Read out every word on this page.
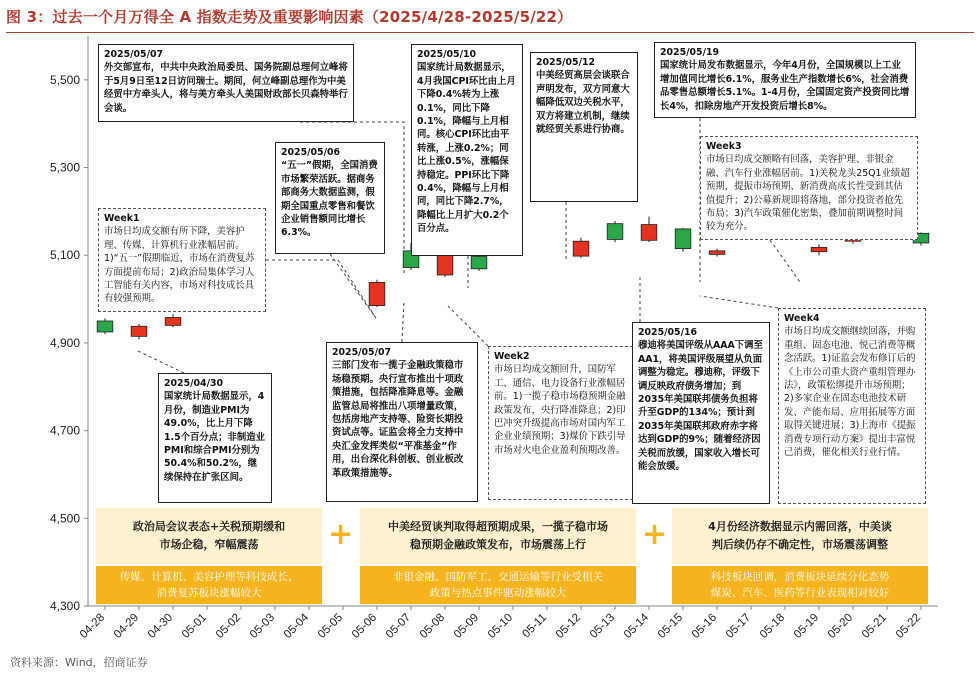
图 3：过去一个月万得全 A 指数走势及重要影响因素（2025/4/28-2025/5/22）
04-28 04-29 04-30 05-01 05-02 05-03 05-04 05-05 05-06 05-07 05-08 05-09 05-10 05-11 05-12 05-13 05-14 05-15 05-16 05-17 05-18 05-19 05-20 05-21 05-22
4,300
4,500
4,700
4,900
5,100
5,300
5,500
2025/05/07
外交部宣布，中共中央政治局委员、国务院副总理何立峰将于5月9日至12日访问瑞士。期间，何立峰副总理作为中美经贸中方牵头人，将与美方牵头人美国财政部长贝森特举行会谈。
Week1
市场日均成交额有所下降，美容护理、传媒、计算机行业涨幅居前。1)“五一”假期临近，市场在消费复苏方面提前布局；2)政治局集体学习人工智能有关内容，市场对科技成长具有较强预期。
2025/04/30
国家统计局数据显示，4月份，制造业PMI为49.0%，比上月下降1.5个百分点；非制造业PMI和综合PMI分别为50.4%和50.2%，继续保持在扩张区间。
2025/05/06
“五一”假期，全国消费市场繁荣活跃。据商务部商务大数据监测，假期全国重点零售和餐饮企业销售额同比增长6.3%。
2025/05/07
三部门发布一揽子金融政策稳市场稳预期。央行宣布推出十项政策措施，包括降准降息等。金融监管总局将推出八项增量政策，包括房地产支持等、险资长期投资试点等。证监会将全力支持中央汇金发挥类似“平准基金”作用，出台深化科创板、创业板改革政策措施等。
2025/05/10
国家统计局数据显示，4月我国CPI环比由上月下降0.4%转为上涨0.1%，同比下降0.1%，降幅与上月相同。核心CPI环比由平转涨，上涨0.2%；同比上涨0.5%，涨幅保持稳定。PPI环比下降0.4%，降幅与上月相同，同比下降2.7%，降幅比上月扩大0.2个百分点。
Week2
市场日均成交额回升，国防军工、通信、电力设备行业涨幅居前。1)一揽子稳市场稳预期金融政策发布，央行降准降息；2)印巴冲突升级提高市场对国内军工企业业绩预期；3)煤价下跌引导市场对火电企业盈利预期改善。
2025/05/12
中美经贸高层会谈联合声明发布，双方同意大幅降低双边关税水平，双方将建立机制，继续就经贸关系进行协商。
2025/05/19
国家统计局发布数据显示，今年4月份，全国规模以上工业增加值同比增长6.1%，服务业生产指数增长6%，社会消费品零售总额增长5.1%。1-4月份，全国固定资产投资同比增长4%，扣除房地产开发投资后增长8%。
Week3
市场日均成交额略有回落，美容护理、非银金融、汽车行业涨幅居前。1)关税龙头25Q1业绩超预期，提振市场预期、新消费高成长性受到其估值提升；2)公募新规即将落地，部分投资者抢先布局；3)汽车政策催化密集，叠加前期调整时间较为充分。
2025/05/16
穆迪将美国评级从AAA下调至AA1，将美国评级展望从负面调整为稳定。穆迪称，评级下调反映政府债务增加；到2035年美国联邦债务负担将升至GDP的134%；预计到2035年美国联邦政府赤字将达到GDP的9%；随着经济因关税而放缓，国家收入增长可能会放缓。
Week4
市场日均成交额继续回落，并购重组、固态电池、悦己消费等概念活跃。1)证监会发布修订后的《上市公司重大资产重组管理办法》，政策松绑提升市场预期；2)多家企业在固态电池技术研发、产能布局、应用拓展等方面取得关键进展；3)上海市《提振消费专项行动方案》提出丰富悦己消费，催化相关行业行情。
政治局会议表态+关税预期缓和
市场企稳，窄幅震荡
传媒、计算机、美容护理等科技成长、
消费复苏板块涨幅较大
+	中美经贸谈判取得超预期成果，一揽子稳市场
稳预期金融政策发布，市场震荡上行
非银金融、国防军工、交通运输等行业受相关
政策与热点事件驱动涨幅较大
+	4月份经济数据显示内需回落，中美谈
判后续仍存不确定性，市场震荡调整
科技板块回调，消费板块延续分化态势
煤炭、汽车、医药等行业表现相对较好
资料来源：Wind，招商证券
